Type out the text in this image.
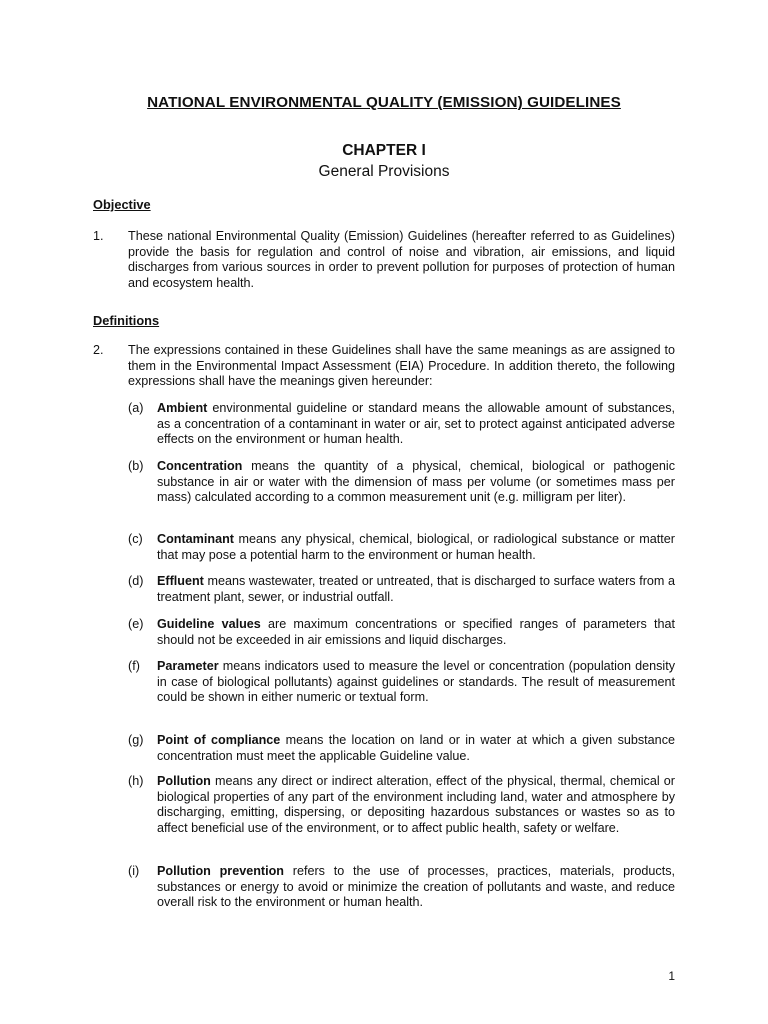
NATIONAL ENVIRONMENTAL QUALITY (EMISSION) GUIDELINES
CHAPTER I
General Provisions
Objective
1. These national Environmental Quality (Emission) Guidelines (hereafter referred to as Guidelines) provide the basis for regulation and control of noise and vibration, air emissions, and liquid discharges from various sources in order to prevent pollution for purposes of protection of human and ecosystem health.
Definitions
2. The expressions contained in these Guidelines shall have the same meanings as are assigned to them in the Environmental Impact Assessment (EIA) Procedure. In addition thereto, the following expressions shall have the meanings given hereunder:
(a) Ambient environmental guideline or standard means the allowable amount of substances, as a concentration of a contaminant in water or air, set to protect against anticipated adverse effects on the environment or human health.
(b) Concentration means the quantity of a physical, chemical, biological or pathogenic substance in air or water with the dimension of mass per volume (or sometimes mass per mass) calculated according to a common measurement unit (e.g. milligram per liter).
(c) Contaminant means any physical, chemical, biological, or radiological substance or matter that may pose a potential harm to the environment or human health.
(d) Effluent means wastewater, treated or untreated, that is discharged to surface waters from a treatment plant, sewer, or industrial outfall.
(e) Guideline values are maximum concentrations or specified ranges of parameters that should not be exceeded in air emissions and liquid discharges.
(f) Parameter means indicators used to measure the level or concentration (population density in case of biological pollutants) against guidelines or standards. The result of measurement could be shown in either numeric or textual form.
(g) Point of compliance means the location on land or in water at which a given substance concentration must meet the applicable Guideline value.
(h) Pollution means any direct or indirect alteration, effect of the physical, thermal, chemical or biological properties of any part of the environment including land, water and atmosphere by discharging, emitting, dispersing, or depositing hazardous substances or wastes so as to affect beneficial use of the environment, or to affect public health, safety or welfare.
(i) Pollution prevention refers to the use of processes, practices, materials, products, substances or energy to avoid or minimize the creation of pollutants and waste, and reduce overall risk to the environment or human health.
1
